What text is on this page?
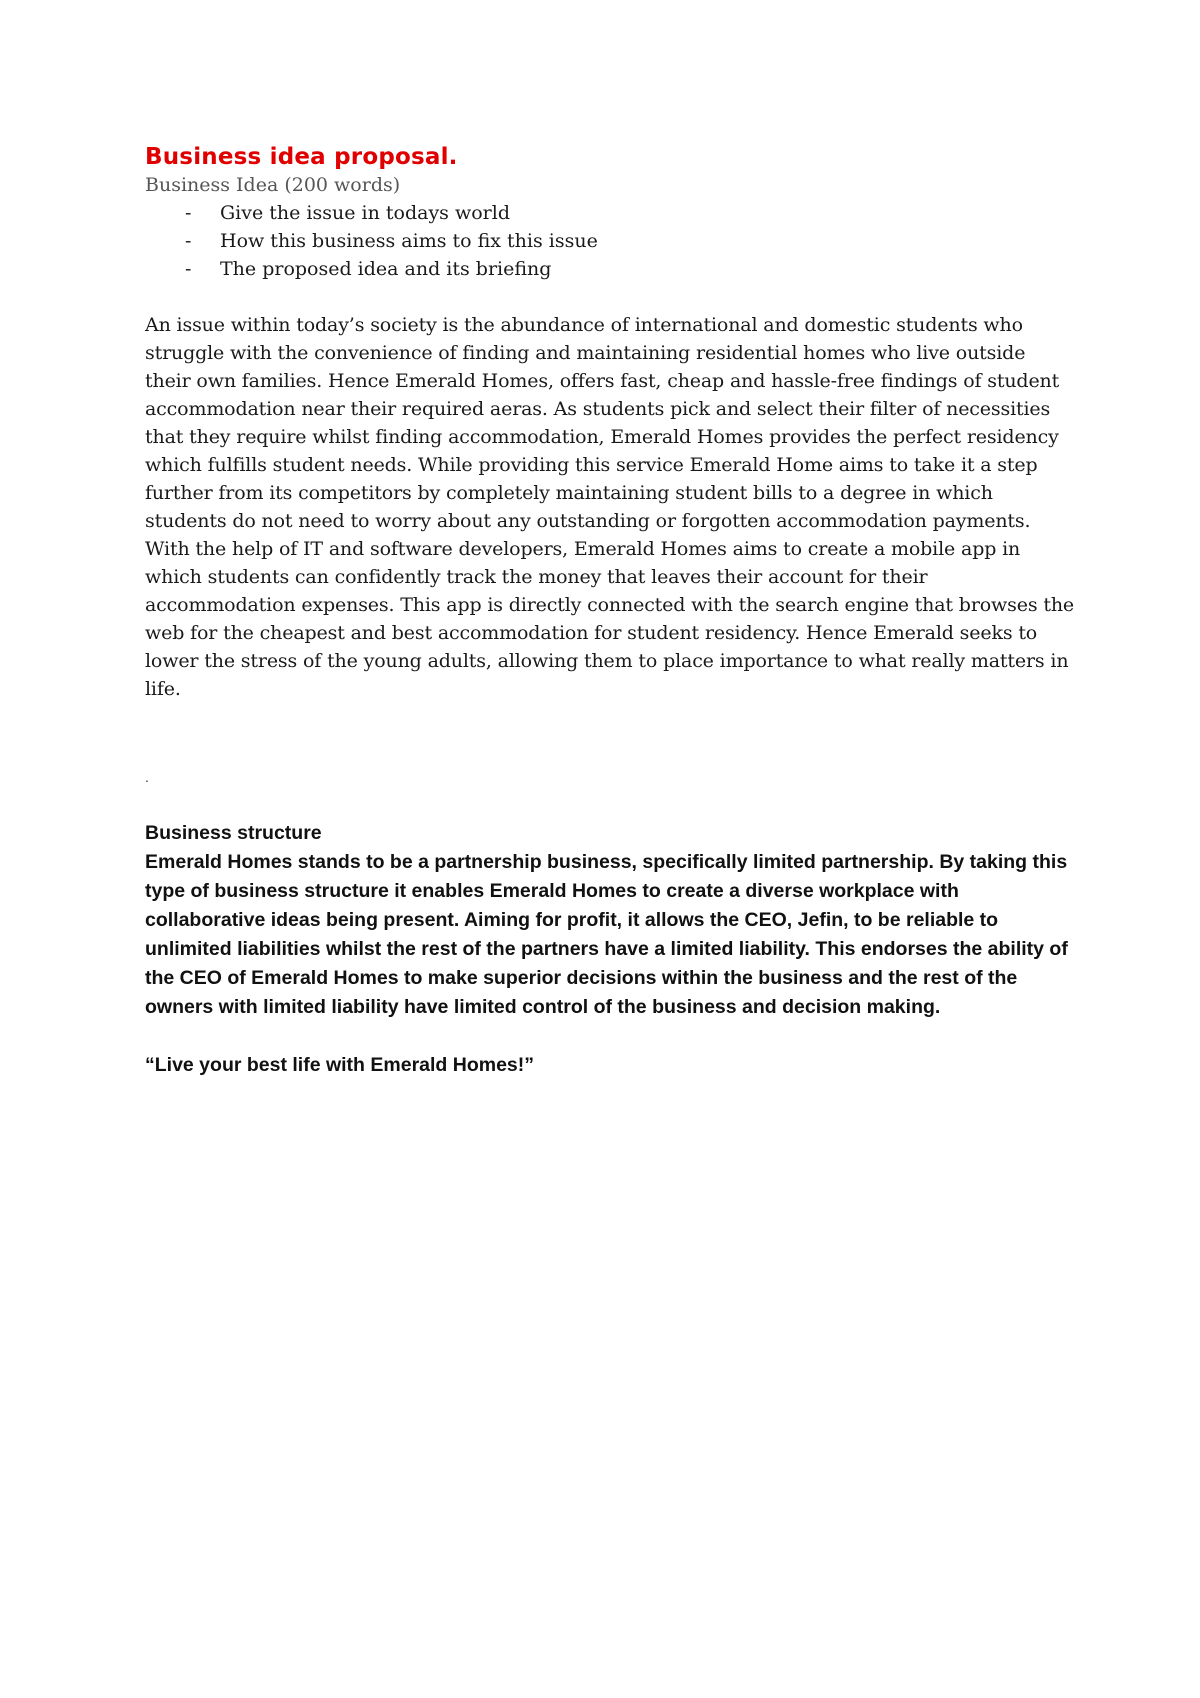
Business idea proposal.

Business Idea (200 words)

- Give the issue in todays world
- How this business aims to fix this issue
- The proposed idea and its briefing

An issue within today’s society is the abundance of international and domestic students who struggle with the convenience of finding and maintaining residential homes who live outside their own families. Hence Emerald Homes, offers fast, cheap and hassle-free findings of student accommodation near their required aeras. As students pick and select their filter of necessities that they require whilst finding accommodation, Emerald Homes provides the perfect residency which fulfills student needs. While providing this service Emerald Home aims to take it a step further from its competitors by completely maintaining student bills to a degree in which students do not need to worry about any outstanding or forgotten accommodation payments. With the help of IT and software developers, Emerald Homes aims to create a mobile app in which students can confidently track the money that leaves their account for their accommodation expenses. This app is directly connected with the search engine that browses the web for the cheapest and best accommodation for student residency. Hence Emerald seeks to lower the stress of the young adults, allowing them to place importance to what really matters in life.

.

Business structure

Emerald Homes stands to be a partnership business, specifically limited partnership. By taking this type of business structure it enables Emerald Homes to create a diverse workplace with collaborative ideas being present. Aiming for profit, it allows the CEO, Jefin, to be reliable to unlimited liabilities whilst the rest of the partners have a limited liability. This endorses the ability of the CEO of Emerald Homes to make superior decisions within the business and the rest of the owners with limited liability have limited control of the business and decision making.

“Live your best life with Emerald Homes!”
